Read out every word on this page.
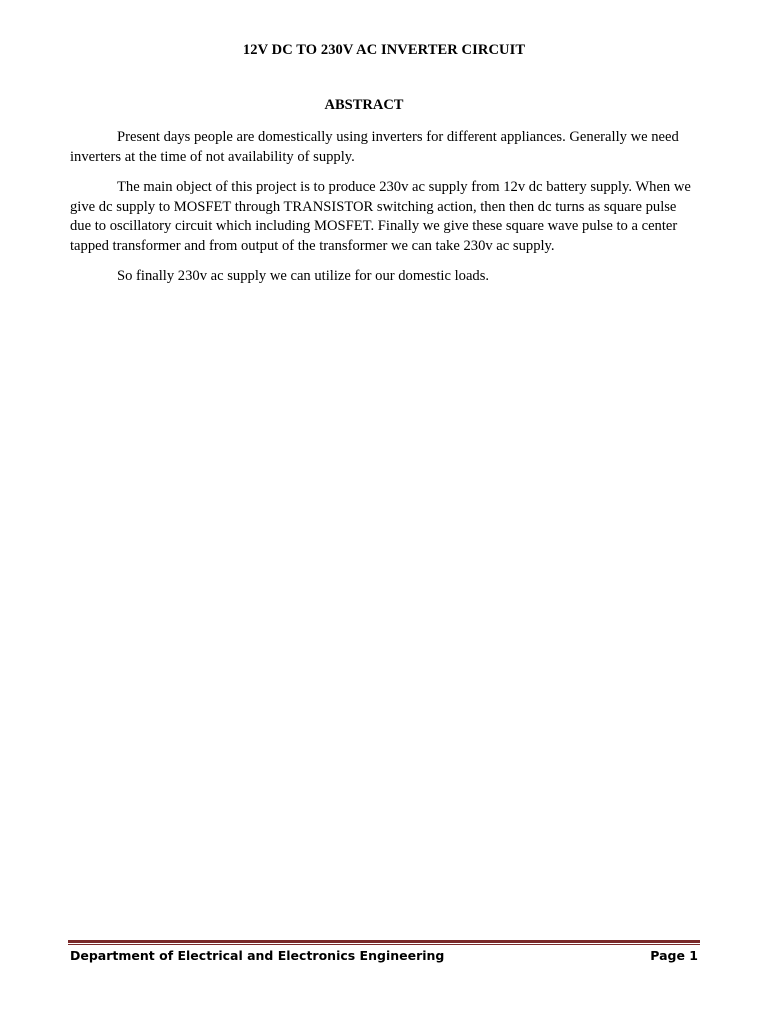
12V DC TO 230V AC INVERTER CIRCUIT
ABSTRACT

Present days people are domestically using inverters for different appliances. Generally we need inverters at the time of not availability of supply.

The main object of this project is to produce 230v ac supply from 12v dc battery supply. When we give dc supply to MOSFET through TRANSISTOR switching action, then then dc turns as square pulse due to oscillatory circuit which including MOSFET. Finally we give these square wave pulse to a center tapped transformer and from output of the transformer we can take 230v ac supply.

So finally 230v ac supply we can utilize for our domestic loads.

Department of Electrical and Electronics Engineering	Page 1
